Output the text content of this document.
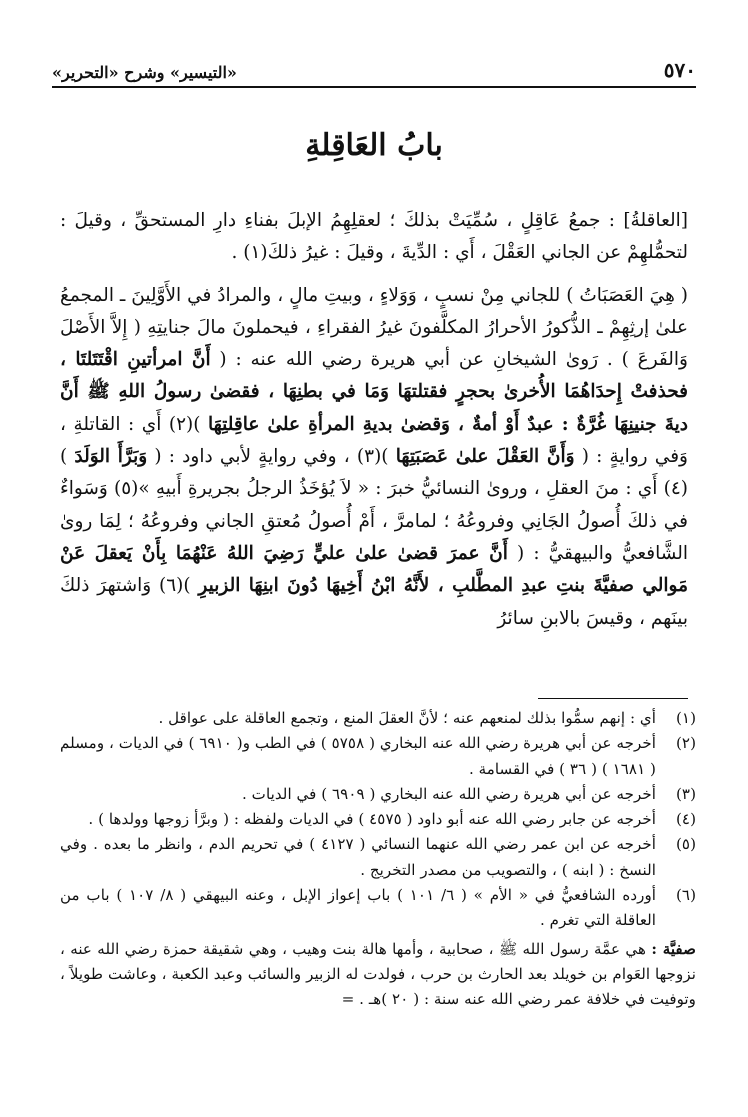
٥٧٠
«التيسير» وشرح «التحرير»
بابُ العَاقِلةِ

[العاقلةُ] : جمعُ عَاقِلٍ ، سُمِّيَتْ بذلكَ ؛ لعقلِهِمُ الإبلَ بفناءِ دارِ المستحقِّ ، وقيلَ : لتحمُّلهِمْ عن الجاني العَقْلَ ، أَي : الدِّيةَ ، وقيلَ : غيرُ ذلكَ(١) .

( هِيَ العَصَبَاتُ ) للجاني مِنْ نسبٍ ، وَوَلاءٍ ، وبيتِ مالٍ ، والمرادُ في الأَوَّلِينَ ـ المجمعُ علىٰ إرثِهِمْ ـ الذُّكورُ الأحرارُ المكلَّفونَ غيرُ الفقراءِ ، فيحملونَ مالَ جنايتِهِ ( إِلاَّ الأَصْلَ وَالفَرعَ ) . رَوىٰ الشيخانِ عن أبي هريرة رضي الله عنه : ( أَنَّ امرأتينِ اقْتَتَلتَا ، فحذفتْ إِحدَاهُمَا الأُخرىٰ بحجرٍ فقتلتهَا وَمَا في بطنِهَا ، فقضىٰ رسولُ اللهِ ﷺ أَنَّ ديةَ جنينِهَا غُرَّةٌ : عبدٌ أَوْ أمةٌ ، وَقضىٰ بديةِ المرأةِ علىٰ عاقِلتِهَا )(٢) أَي : القاتلةِ ، وَفي روايةٍ : ( وَأَنَّ العَقْلَ علىٰ عَصَبَتِهَا )(٣) ، وفي روايةٍ لأبي داود : ( وَبَرَّأَ الوَلَدَ )(٤) أَي : منَ العقلِ ، وروىٰ النسائيُّ خبرَ : « لاَ يُؤخَذُ الرجلُ بجريرةِ أَبيهِ »(٥) وَسَواءٌ في ذلكَ أُصولُ الجَانِي وفروعُهُ ؛ لمامرَّ ، أَمْ أُصولُ مُعتقِ الجاني وفروعُهُ ؛ لِمَا روىٰ الشَّافعيُّ والبيهقيُّ : ( أَنَّ عمرَ قضىٰ علىٰ عليٍّ رَضِيَ اللهُ عَنْهُمَا بِأَنْ يَعقلَ عَنْ مَوالي صفيَّةَ بنتِ عبدِ المطَّلبِ ، لأَنَّهُ ابْنُ أَخِيهَا دُونَ ابنِهَا الزبيرِ )(٦) وَاشتهرَ ذلكَ بينَهم ، وقيسَ بالابنِ سائرُ

(١)
أي : إنهم سمُّوا بذلك لمنعهم عنه ؛ لأنَّ العقلَ المنع ، وتجمع العاقلة على عواقل .
(٢)
أخرجه عن أبي هريرة رضي الله عنه البخاري ( ٥٧٥٨ ) في الطب و( ٦٩١٠ ) في الديات ، ومسلم ( ١٦٨١ ) ( ٣٦ ) في القسامة .
(٣)
أخرجه عن أبي هريرة رضي الله عنه البخاري ( ٦٩٠٩ ) في الديات .
(٤)
أخرجه عن جابر رضي الله عنه أبو داود ( ٤٥٧٥ ) في الديات ولفظه : ( وبرَّأ زوجها وولدها ) .
(٥)
أخرجه عن ابن عمر رضي الله عنهما النسائي ( ٤١٢٧ ) في تحريم الدم ، وانظر ما بعده . وفي النسخ : ( ابنه ) ، والتصويب من مصدر التخريج .
(٦)
أورده الشافعيُّ في « الأم » ( ٦/ ١٠١ ) باب إعواز الإبل ، وعنه البيهقي ( ٨/ ١٠٧ ) باب من العاقلة التي تغرم .
صفيَّة : هي عمَّة رسول الله ﷺ ، صحابية ، وأمها هالة بنت وهيب ، وهي شقيقة حمزة رضي الله عنه ، نزوجها العَوام بن خويلد بعد الحارث بن حرب ، فولدت له الزبير والسائب وعبد الكعبة ، وعاشت طويلاً ، وتوفيت في خلافة عمر رضي الله عنه سنة : ( ٢٠ )هـ . =
